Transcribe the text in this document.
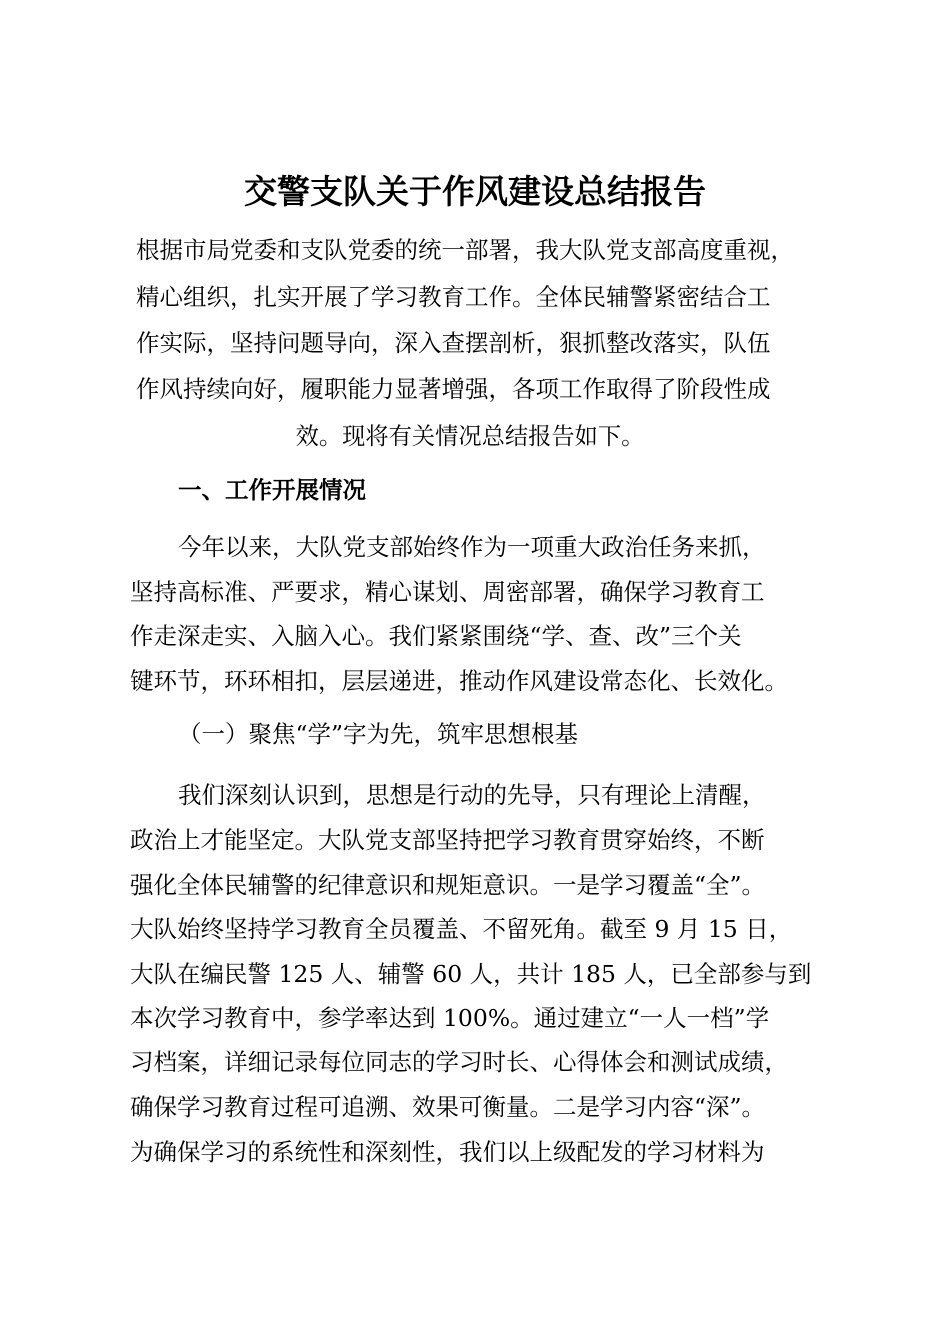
交警支队关于作风建设总结报告
根据市局党委和支队党委的统一部署，我大队党支部高度重视，
精心组织，扎实开展了学习教育工作。全体民辅警紧密结合工
作实际，坚持问题导向，深入查摆剖析，狠抓整改落实，队伍
作风持续向好，履职能力显著增强，各项工作取得了阶段性成
效。现将有关情况总结报告如下。
一、工作开展情况
今年以来，大队党支部始终作为一项重大政治任务来抓，
坚持高标准、严要求，精心谋划、周密部署，确保学习教育工
作走深走实、入脑入心。我们紧紧围绕“学、查、改”三个关
键环节，环环相扣，层层递进，推动作风建设常态化、长效化。
（一）聚焦“学”字为先，筑牢思想根基
我们深刻认识到，思想是行动的先导，只有理论上清醒，
政治上才能坚定。大队党支部坚持把学习教育贯穿始终，不断
强化全体民辅警的纪律意识和规矩意识。一是学习覆盖“全”。
大队始终坚持学习教育全员覆盖、不留死角。截至 9 月 15 日，
大队在编民警 125 人、辅警 60 人，共计 185 人，已全部参与到
本次学习教育中，参学率达到 100%。通过建立“一人一档”学
习档案，详细记录每位同志的学习时长、心得体会和测试成绩，
确保学习教育过程可追溯、效果可衡量。二是学习内容“深”。
为确保学习的系统性和深刻性，我们以上级配发的学习材料为
